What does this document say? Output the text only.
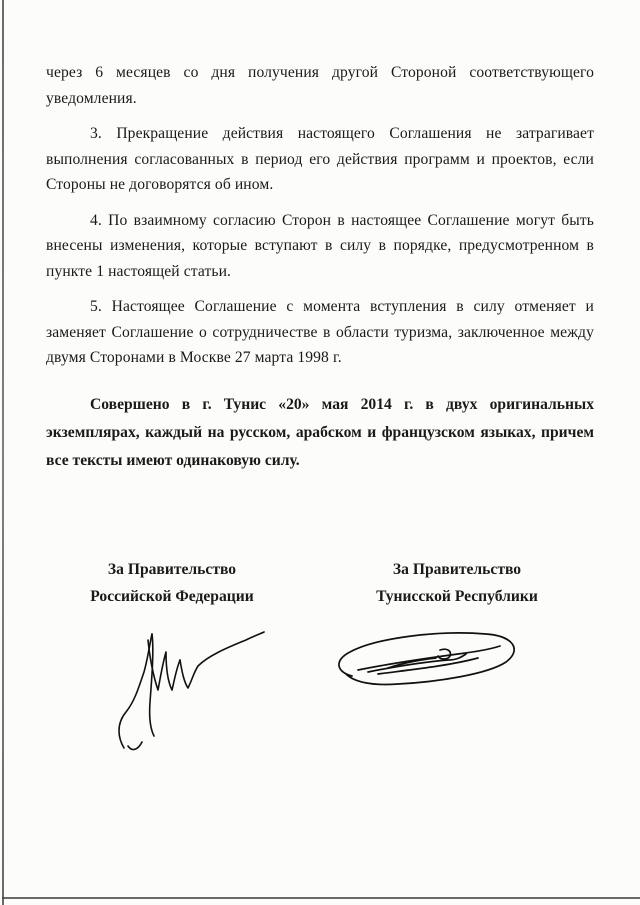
через 6 месяцев со дня получения другой Стороной соответствующего уведомления.

3. Прекращение действия настоящего Соглашения не затрагивает выполнения согласованных в период его действия программ и проектов, если Стороны не договорятся об ином.

4. По взаимному согласию Сторон в настоящее Соглашение могут быть внесены изменения, которые вступают в силу в порядке, предусмотренном в пункте 1 настоящей статьи.

5. Настоящее Соглашение с момента вступления в силу отменяет и заменяет Соглашение о сотрудничестве в области туризма, заключенное между двумя Сторонами в Москве 27 марта 1998 г.

Совершено в г. Тунис «20» мая 2014 г. в двух оригинальных экземплярах, каждый на русском, арабском и французском языках, причем все тексты имеют одинаковую силу.

За Правительство
Российской Федерации
За Правительство
Тунисской Республики
